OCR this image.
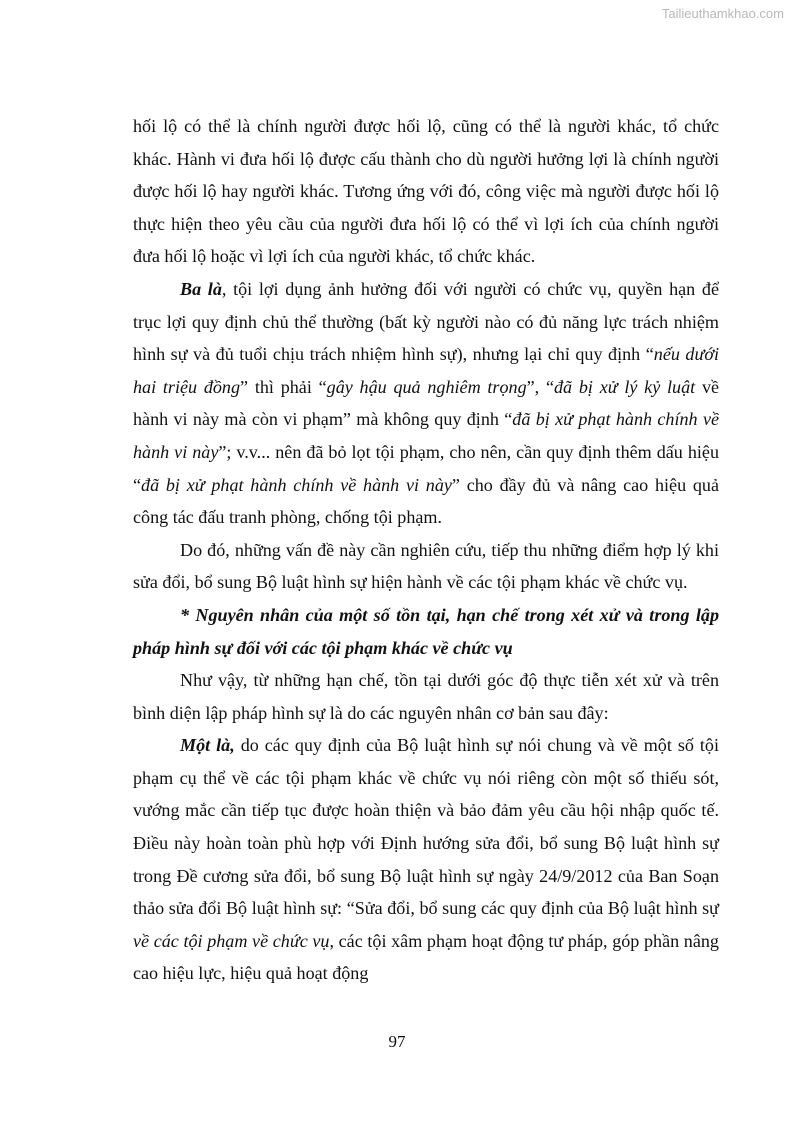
Tailieuthamkhao.com

hối lộ có thể là chính người được hối lộ, cũng có thể là người khác, tổ chức khác. Hành vi đưa hối lộ được cấu thành cho dù người hưởng lợi là chính người được hối lộ hay người khác. Tương ứng với đó, công việc mà người được hối lộ thực hiện theo yêu cầu của người đưa hối lộ có thể vì lợi ích của chính người đưa hối lộ hoặc vì lợi ích của người khác, tổ chức khác.

Ba là, tội lợi dụng ảnh hưởng đối với người có chức vụ, quyền hạn để trục lợi quy định chủ thể thường (bất kỳ người nào có đủ năng lực trách nhiệm hình sự và đủ tuổi chịu trách nhiệm hình sự), nhưng lại chỉ quy định “nếu dưới hai triệu đồng” thì phải “gây hậu quả nghiêm trọng”, “đã bị xử lý kỷ luật về hành vi này mà còn vi phạm” mà không quy định “đã bị xử phạt hành chính về hành vi này”; v.v... nên đã bỏ lọt tội phạm, cho nên, cần quy định thêm dấu hiệu “đã bị xử phạt hành chính về hành vi này” cho đầy đủ và nâng cao hiệu quả công tác đấu tranh phòng, chống tội phạm.

Do đó, những vấn đề này cần nghiên cứu, tiếp thu những điểm hợp lý khi sửa đổi, bổ sung Bộ luật hình sự hiện hành về các tội phạm khác về chức vụ.

* Nguyên nhân của một số tồn tại, hạn chế trong xét xử và trong lập pháp hình sự đối với các tội phạm khác về chức vụ

Như vậy, từ những hạn chế, tồn tại dưới góc độ thực tiễn xét xử và trên bình diện lập pháp hình sự là do các nguyên nhân cơ bản sau đây:

Một là, do các quy định của Bộ luật hình sự nói chung và về một số tội phạm cụ thể về các tội phạm khác về chức vụ nói riêng còn một số thiếu sót, vướng mắc cần tiếp tục được hoàn thiện và bảo đảm yêu cầu hội nhập quốc tế. Điều này hoàn toàn phù hợp với Định hướng sửa đổi, bổ sung Bộ luật hình sự trong Đề cương sửa đổi, bổ sung Bộ luật hình sự ngày 24/9/2012 của Ban Soạn thảo sửa đổi Bộ luật hình sự: “Sửa đổi, bổ sung các quy định của Bộ luật hình sự về các tội phạm về chức vụ, các tội xâm phạm hoạt động tư pháp, góp phần nâng cao hiệu lực, hiệu quả hoạt động

97
